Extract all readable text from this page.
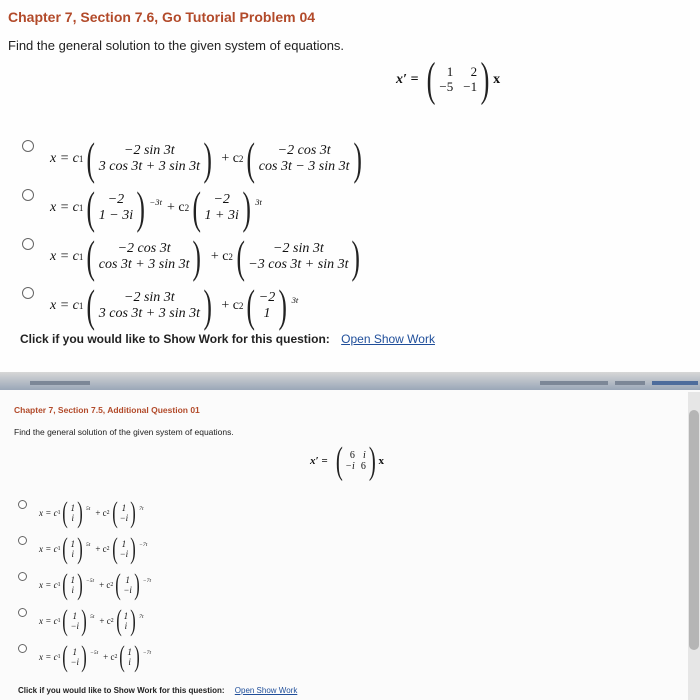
Chapter 7, Section 7.6, Go Tutorial Problem 04
Find the general solution to the given system of equations.
x′ = ( 1	2
−5 −1 ) x
x = c 1 ( −2 sin 3t
3 cos 3t + 3 sin 3t ) + c 2 ( −2 cos 3t
cos 3t − 3 sin 3t )
x = c 1 ( −2
1 − 3i ) −3t + c 2 ( −2
1 + 3i ) 3t
x = c 1 ( −2 cos 3t
cos 3t + 3 sin 3t ) + c 2 ( −2 sin 3t
−3 cos 3t + sin 3t )
x = c 1 ( −2 sin 3t
3 cos 3t + 3 sin 3t ) + c 2 ( −2
1 ) 3t
Click if you would like to Show Work for this question: Open Show Work
Chapter 7, Section 7.5, Additional Question 01
Find the general solution of the given system of equations.
x′ = ( 6 i
−i 6 ) x
x = c 1 ( 1
i ) 5t + c 2 ( 1
−i ) 7t
x = c 1 ( 1
i ) 5t + c 2 ( 1
−i ) −7t
x = c 1 ( 1
i ) −5t + c 2 ( 1
−i ) −7t
x = c 1 ( 1
−i ) 5t + c 2 ( 1
i ) 7t
x = c 1 ( 1
−i ) −5t + c 2 ( 1
i ) −7t
Click if you would like to Show Work for this question: Open Show Work
